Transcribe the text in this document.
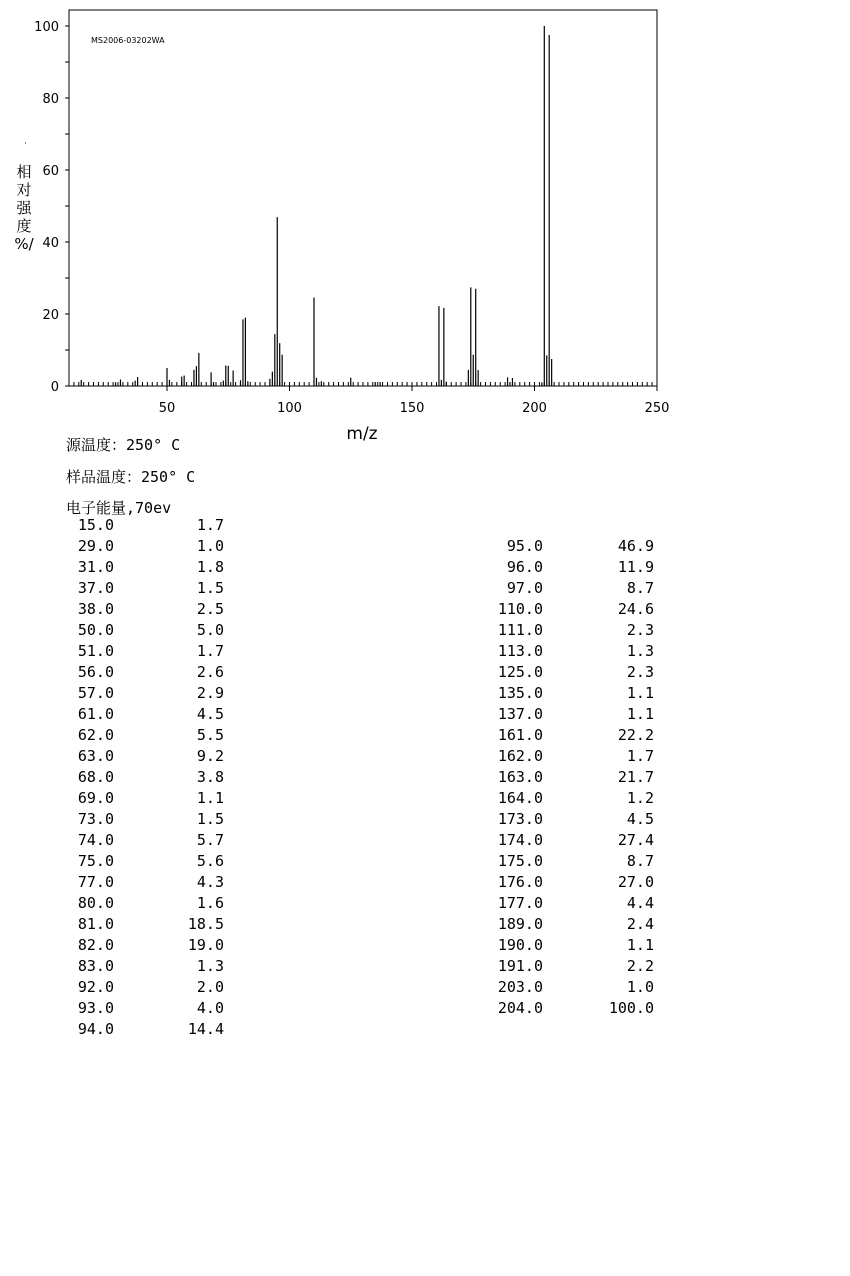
0
20
40
60
80
100
50	100	150	200	250
MS2006-03202WA
m/z
·
相
对
强
度
%/
源温度：250° C
样品温度：250° C
电子能量,70ev
15.0	1.7
29.0	1.0
31.0	1.8
37.0	1.5
38.0	2.5
50.0	5.0
51.0	1.7
56.0	2.6
57.0	2.9
61.0	4.5
62.0	5.5
63.0	9.2
68.0	3.8
69.0	1.1
73.0	1.5
74.0	5.7
75.0	5.6
77.0	4.3
80.0	1.6
81.0	18.5
82.0	19.0
83.0	1.3
92.0	2.0
93.0	4.0
94.0	14.4
95.0	46.9
96.0	11.9
97.0	8.7
110.0	24.6
111.0	2.3
113.0	1.3
125.0	2.3
135.0	1.1
137.0	1.1
161.0	22.2
162.0	1.7
163.0	21.7
164.0	1.2
173.0	4.5
174.0	27.4
175.0	8.7
176.0	27.0
177.0	4.4
189.0	2.4
190.0	1.1
191.0	2.2
203.0	1.0
204.0	100.0
